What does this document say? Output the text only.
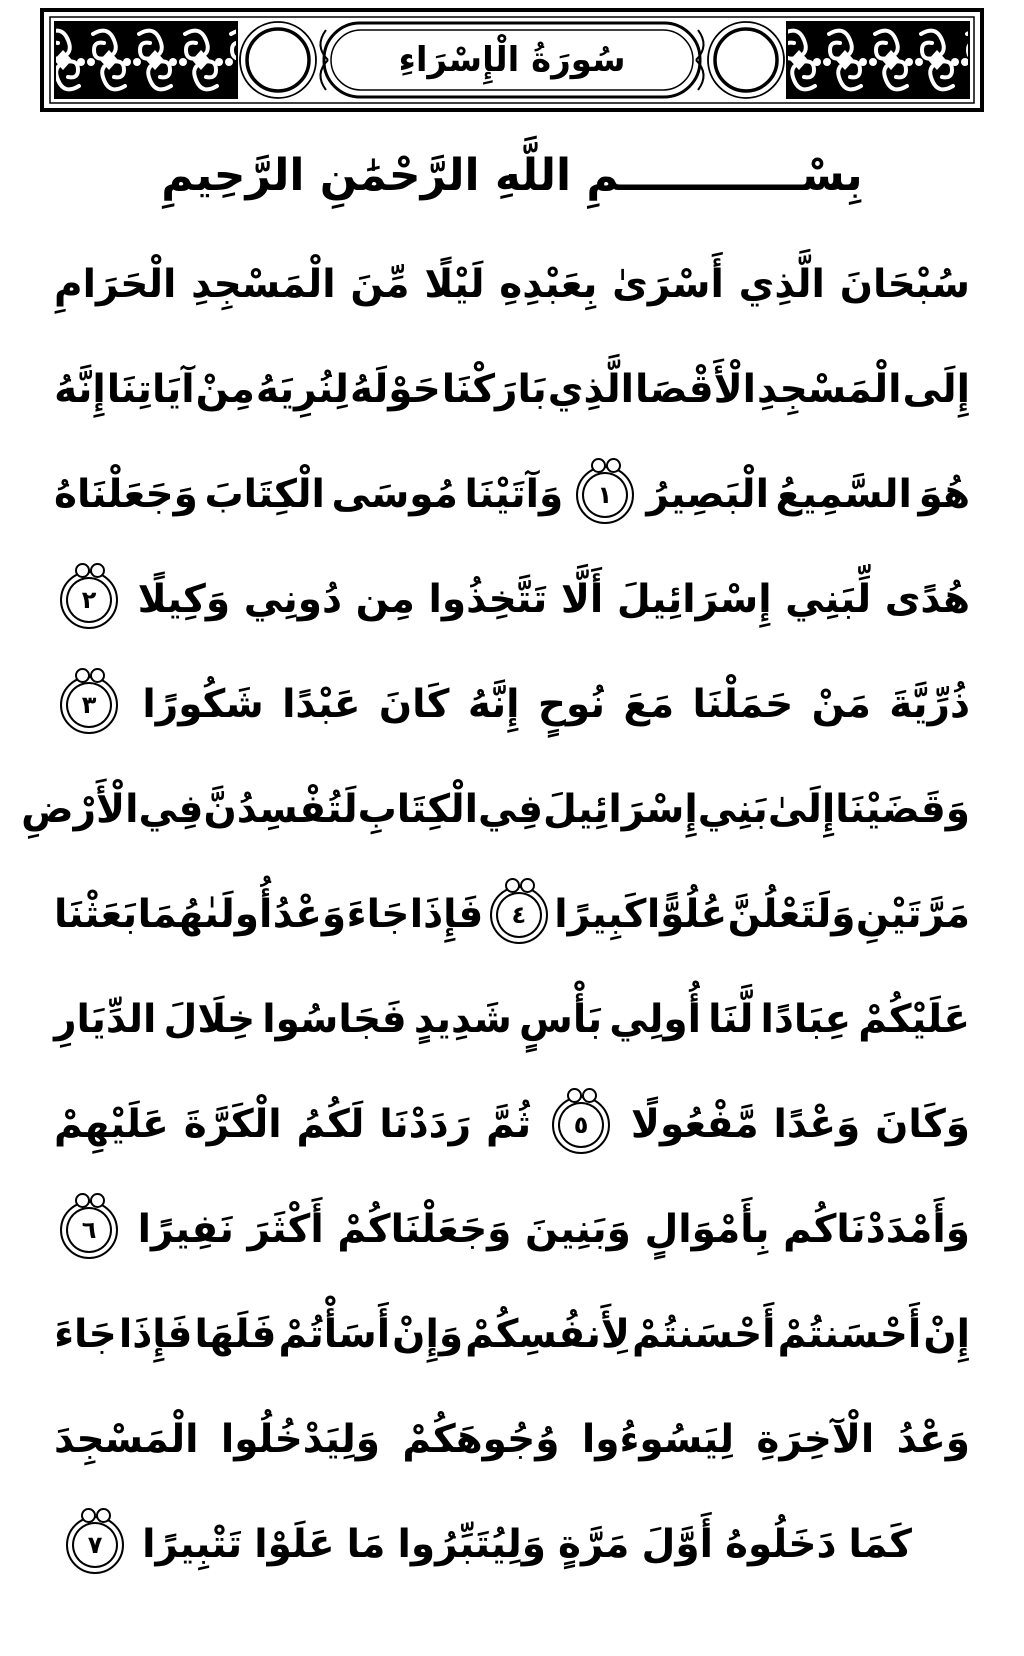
سُورَةُ الْإِسْرَاءِ
بِسْــــــــــــمِ اللَّهِ الرَّحْمَٰنِ الرَّحِيمِ
سُبْحَانَ
الَّذِي
أَسْرَىٰ
بِعَبْدِهِ
لَيْلًا
مِّنَ
الْمَسْجِدِ
الْحَرَامِ
إِلَى
الْمَسْجِدِ
الْأَقْصَا
الَّذِي
بَارَكْنَا
حَوْلَهُ
لِنُرِيَهُ
مِنْ
آيَاتِنَا
إِنَّهُ
هُوَ
السَّمِيعُ
الْبَصِيرُ
١
وَآتَيْنَا
مُوسَى
الْكِتَابَ
وَجَعَلْنَاهُ
هُدًى
لِّبَنِي
إِسْرَائِيلَ
أَلَّا
تَتَّخِذُوا
مِن
دُونِي
وَكِيلًا
٢
ذُرِّيَّةَ
مَنْ
حَمَلْنَا
مَعَ
نُوحٍ
إِنَّهُ
كَانَ
عَبْدًا
شَكُورًا
٣
وَقَضَيْنَا
إِلَىٰ
بَنِي
إِسْرَائِيلَ
فِي
الْكِتَابِ
لَتُفْسِدُنَّ
فِي
الْأَرْضِ
مَرَّتَيْنِ
وَلَتَعْلُنَّ
عُلُوًّا
كَبِيرًا
٤
فَإِذَا
جَاءَ
وَعْدُ
أُولَىٰهُمَا
بَعَثْنَا
عَلَيْكُمْ
عِبَادًا
لَّنَا
أُولِي
بَأْسٍ
شَدِيدٍ
فَجَاسُوا
خِلَالَ
الدِّيَارِ
وَكَانَ
وَعْدًا
مَّفْعُولًا
٥
ثُمَّ
رَدَدْنَا
لَكُمُ
الْكَرَّةَ
عَلَيْهِمْ
وَأَمْدَدْنَاكُم
بِأَمْوَالٍ
وَبَنِينَ
وَجَعَلْنَاكُمْ
أَكْثَرَ
نَفِيرًا
٦
إِنْ
أَحْسَنتُمْ
أَحْسَنتُمْ
لِأَنفُسِكُمْ
وَإِنْ
أَسَأْتُمْ
فَلَهَا
فَإِذَا
جَاءَ
وَعْدُ
الْآخِرَةِ
لِيَسُوءُوا
وُجُوهَكُمْ
وَلِيَدْخُلُوا
الْمَسْجِدَ
كَمَا
دَخَلُوهُ
أَوَّلَ
مَرَّةٍ
وَلِيُتَبِّرُوا
مَا
عَلَوْا
تَتْبِيرًا
٧
